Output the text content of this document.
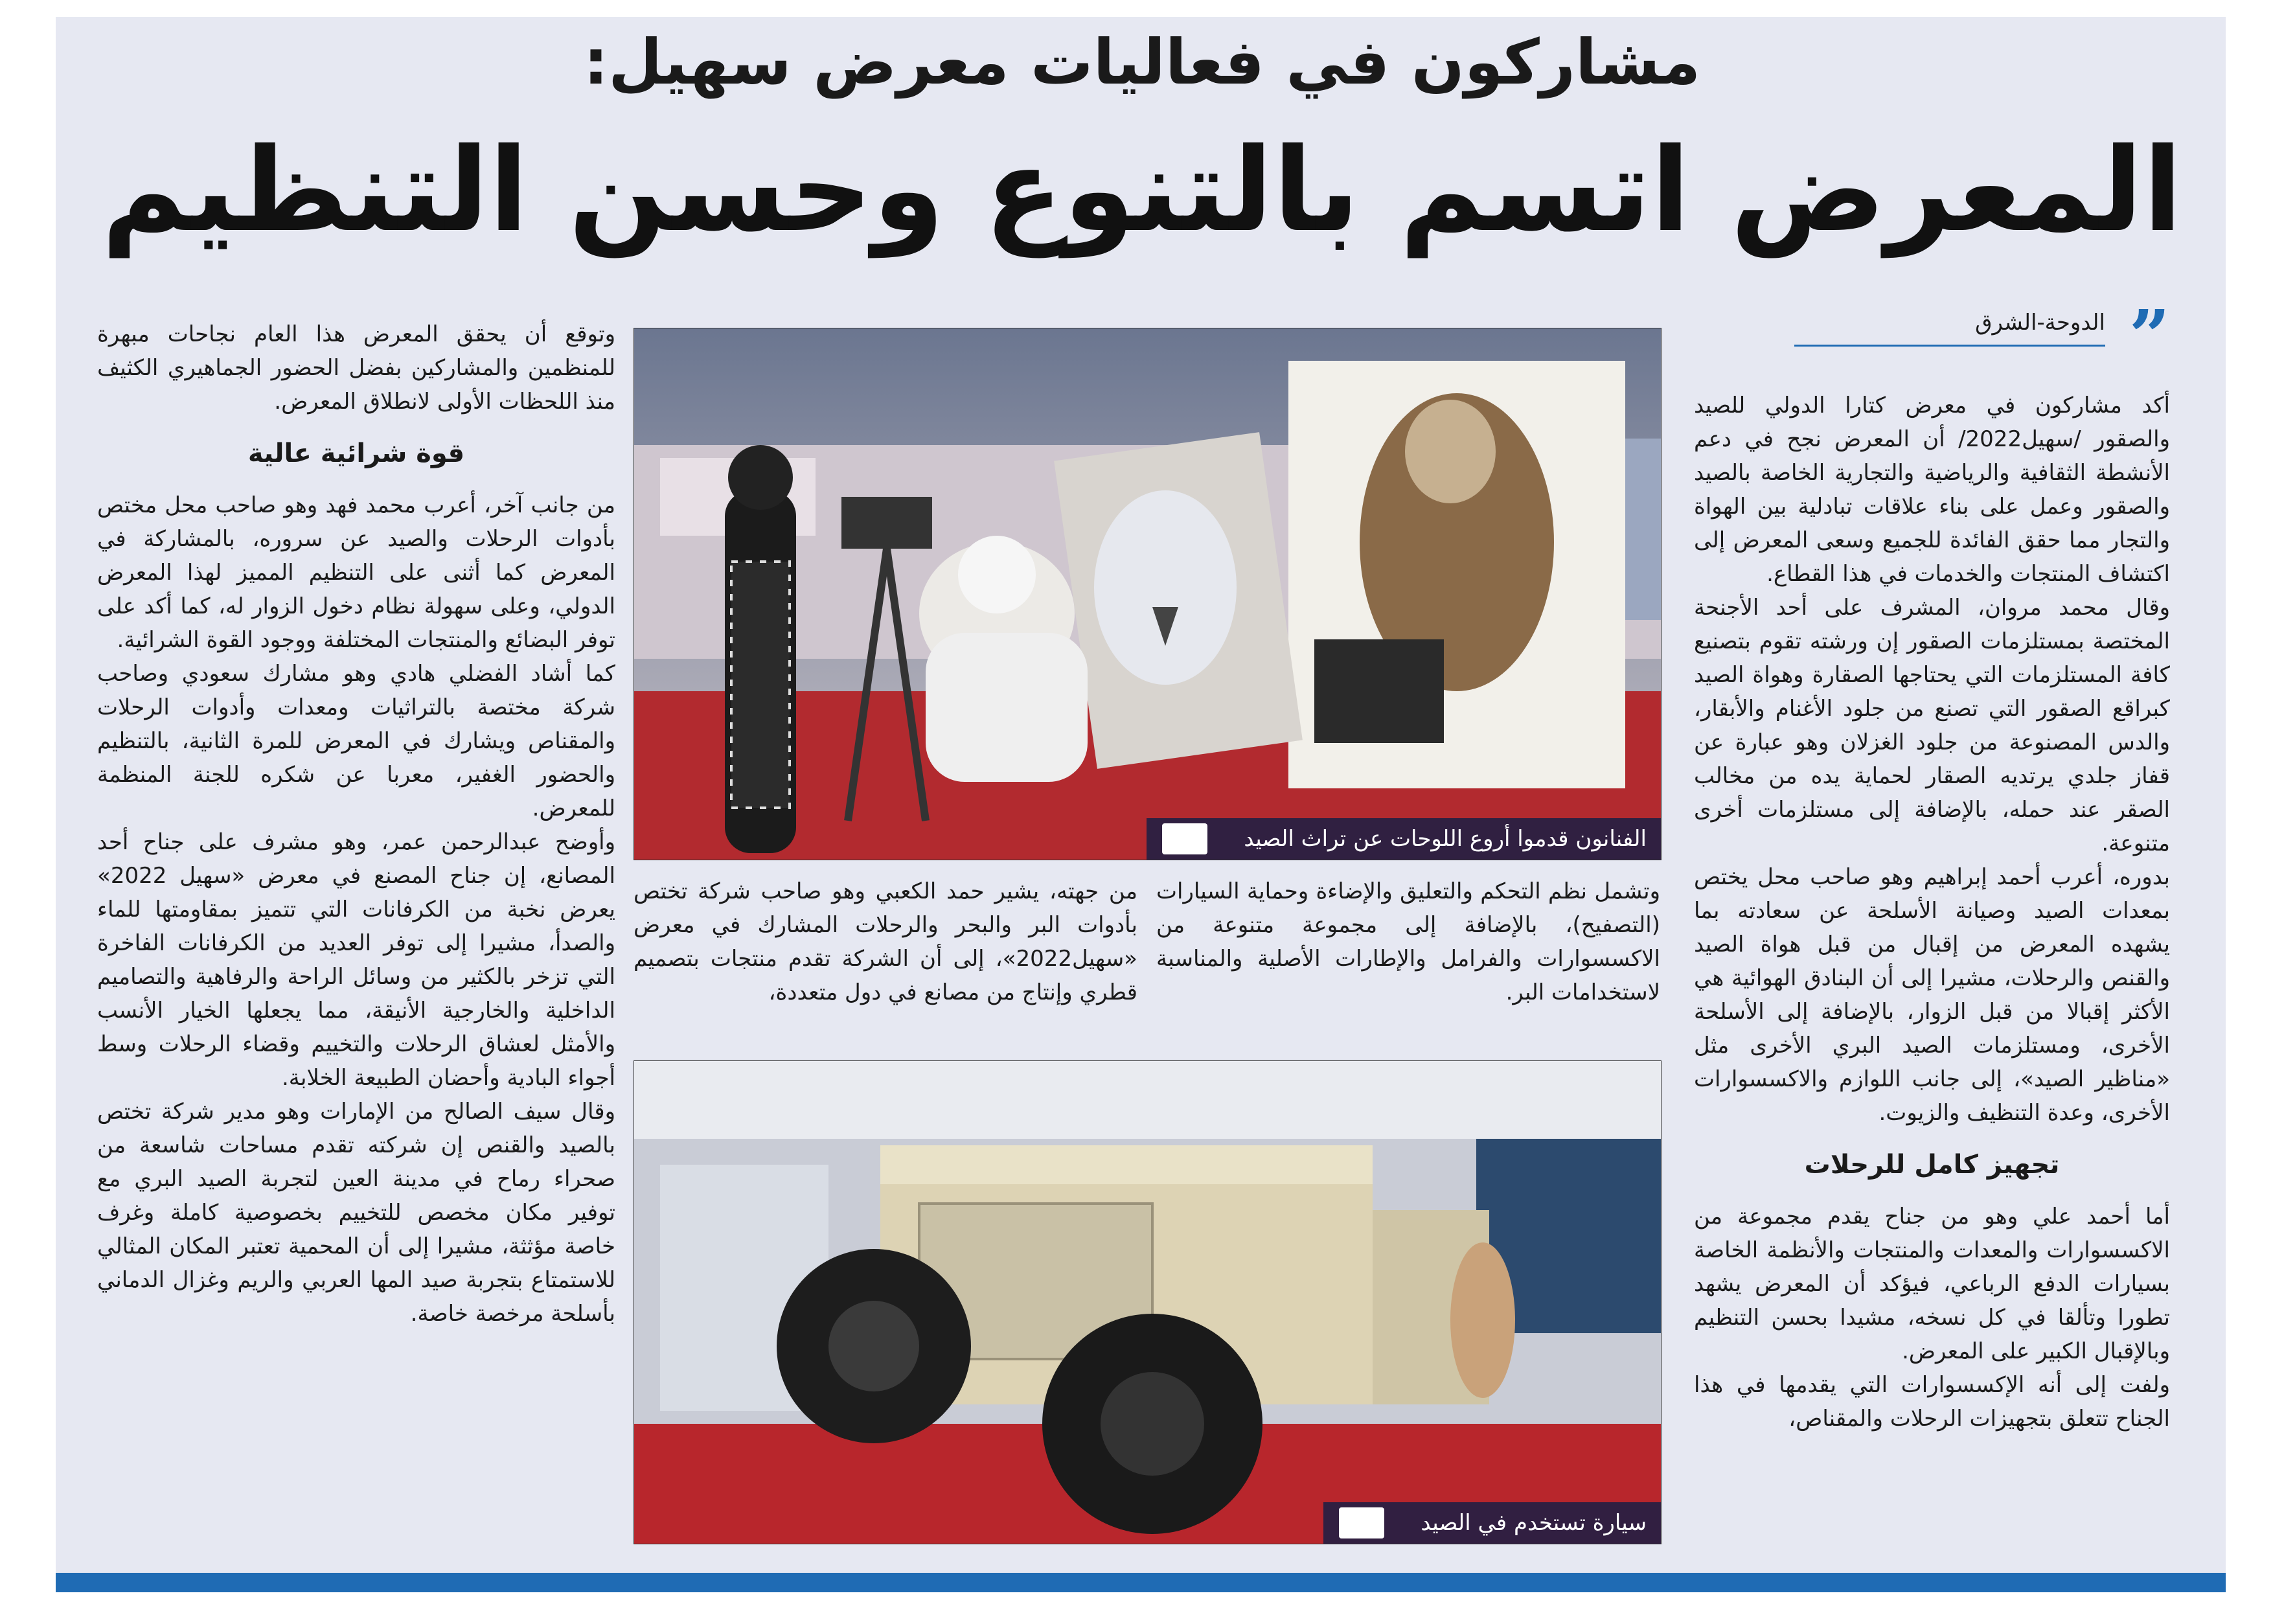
مشاركون في فعاليات معرض سهيل:
المعرض اتسم بالتنوع وحسن التنظيم
”
الدوحة-الشرق

أكد مشاركون في معرض كتارا الدولي للصيد والصقور /سهيل2022/ أن المعرض نجح في دعم الأنشطة الثقافية والرياضية والتجارية الخاصة بالصيد والصقور وعمل على بناء علاقات تبادلية بين الهواة والتجار مما حقق الفائدة للجميع وسعى المعرض إلى اكتشاف المنتجات والخدمات في هذا القطاع.

وقال محمد مروان، المشرف على أحد الأجنحة المختصة بمستلزمات الصقور إن ورشته تقوم بتصنيع كافة المستلزمات التي يحتاجها الصقارة وهواة الصيد كبراقع الصقور التي تصنع من جلود الأغنام والأبقار، والدس المصنوعة من جلود الغزلان وهو عبارة عن قفاز جلدي يرتديه الصقار لحماية يده من مخالب الصقر عند حمله، بالإضافة إلى مستلزمات أخرى متنوعة.

بدوره، أعرب أحمد إبراهيم وهو صاحب محل يختص بمعدات الصيد وصيانة الأسلحة عن سعادته بما يشهده المعرض من إقبال من قبل هواة الصيد والقنص والرحلات، مشيرا إلى أن البنادق الهوائية هي الأكثر إقبالا من قبل الزوار، بالإضافة إلى الأسلحة الأخرى، ومستلزمات الصيد البري الأخرى مثل «مناظير الصيد»، إلى جانب اللوازم والاكسسوارات الأخرى، وعدة التنظيف والزيوت.

تجهيز كامل للرحلات

أما أحمد علي وهو من جناح يقدم مجموعة من الاكسسوارات والمعدات والمنتجات والأنظمة الخاصة بسيارات الدفع الرباعي، فيؤكد أن المعرض يشهد تطورا وتألقا في كل نسخه، مشيدا بحسن التنظيم وبالإقبال الكبير على المعرض.

ولفت إلى أنه الإكسسوارات التي يقدمها في هذا الجناح تتعلق بتجهيزات الرحلات والمقناص،

الفنانون قدموا أروع اللوحات عن تراث الصيد

وتشمل نظم التحكم والتعليق والإضاءة وحماية السيارات (التصفيح)، بالإضافة إلى مجموعة متنوعة من الاكسسوارات والفرامل والإطارات الأصلية والمناسبة لاستخدامات البر.

من جهته، يشير حمد الكعبي وهو صاحب شركة تختص بأدوات البر والبحر والرحلات المشارك في معرض «سهيل2022»، إلى أن الشركة تقدم منتجات بتصميم قطري وإنتاج من مصانع في دول متعددة،

سيارة تستخدم في الصيد

وتوقع أن يحقق المعرض هذا العام نجاحات مبهرة للمنظمين والمشاركين بفضل الحضور الجماهيري الكثيف منذ اللحظات الأولى لانطلاق المعرض.

قوة شرائية عالية

من جانب آخر، أعرب محمد فهد وهو صاحب محل مختص بأدوات الرحلات والصيد عن سروره، بالمشاركة في المعرض كما أثنى على التنظيم المميز لهذا المعرض الدولي، وعلى سهولة نظام دخول الزوار له، كما أكد على توفر البضائع والمنتجات المختلفة ووجود القوة الشرائية.

كما أشاد الفضلي هادي وهو مشارك سعودي وصاحب شركة مختصة بالتراثيات ومعدات وأدوات الرحلات والمقناص ويشارك في المعرض للمرة الثانية، بالتنظيم والحضور الغفير، معربا عن شكره للجنة المنظمة للمعرض.

وأوضح عبدالرحمن عمر، وهو مشرف على جناح أحد المصانع، إن جناح المصنع في معرض «سهيل 2022» يعرض نخبة من الكرفانات التي تتميز بمقاومتها للماء والصدأ، مشيرا إلى توفر العديد من الكرفانات الفاخرة التي تزخر بالكثير من وسائل الراحة والرفاهية والتصاميم الداخلية والخارجية الأنيقة، مما يجعلها الخيار الأنسب والأمثل لعشاق الرحلات والتخييم وقضاء الرحلات وسط أجواء البادية وأحضان الطبيعة الخلابة.

وقال سيف الصالح من الإمارات وهو مدير شركة تختص بالصيد والقنص إن شركته تقدم مساحات شاسعة من صحراء رماح في مدينة العين لتجربة الصيد البري مع توفير مكان مخصص للتخييم بخصوصية كاملة وغرف خاصة مؤثثة، مشيرا إلى أن المحمية تعتبر المكان المثالي للاستمتاع بتجربة صيد المها العربي والريم وغزال الدماني بأسلحة مرخصة خاصة.
